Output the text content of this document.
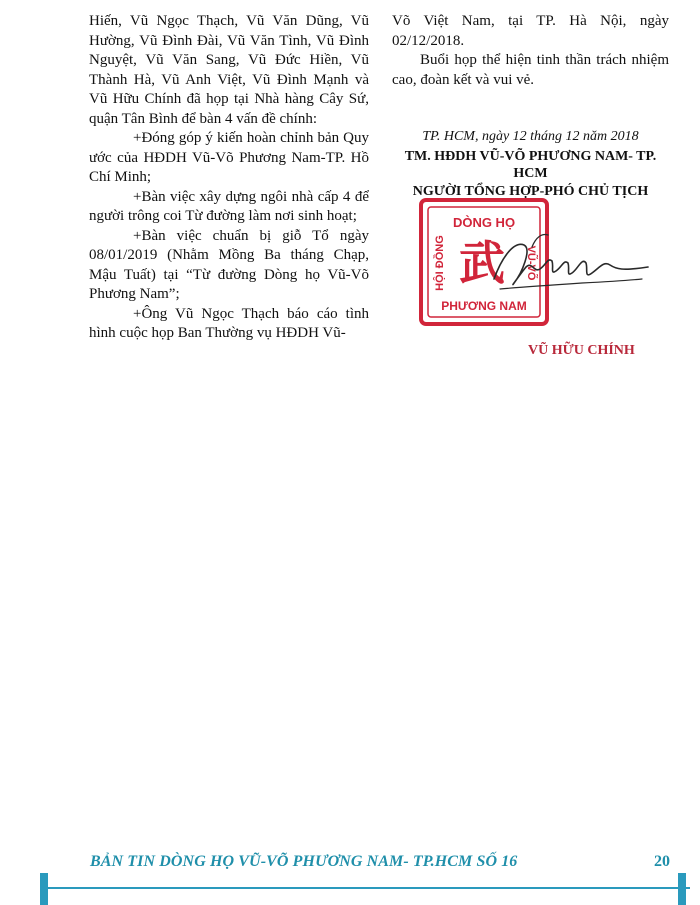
Hiến, Vũ Ngọc Thạch, Vũ Văn Dũng, Vũ Hường, Vũ Đình Đài, Vũ Văn Tình, Vũ Đình Nguyệt, Vũ Văn Sang, Vũ Đức Hiền, Vũ Thành Hà, Vũ Anh Việt, Vũ Đình Mạnh và Vũ Hữu Chính đã họp tại Nhà hàng Cây Sứ, quận Tân Bình để bàn 4 vấn đề chính:

+Đóng góp ý kiến hoàn chỉnh bản Quy ước của HĐDH Vũ-Võ Phương Nam-TP. Hồ Chí Minh;

+Bàn việc xây dựng ngôi nhà cấp 4 để người trông coi Từ đường làm nơi sinh hoạt;

+Bàn việc chuẩn bị giỗ Tổ ngày 08/01/2019 (Nhằm Mồng Ba tháng Chạp, Mậu Tuất) tại “Từ đường Dòng họ Vũ-Võ Phương Nam”;

+Ông Vũ Ngọc Thạch báo cáo tình hình cuộc họp Ban Thường vụ HĐDH Vũ-

Võ Việt Nam, tại TP. Hà Nội, ngày 02/12/2018.

Buổi họp thể hiện tinh thần trách nhiệm cao, đoàn kết và vui vẻ.

TP. HCM, ngày 12 tháng 12 năm 2018
TM. HĐDH VŨ-VÕ PHƯƠNG NAM- TP. HCM
NGƯỜI TỔNG HỢP-PHÓ CHỦ TỊCH
DÒNG HỌ
PHƯƠNG NAM
HỘI ĐỒNG	VŨ-VÕ
武
VŨ HỮU CHÍNH
BẢN TIN DÒNG HỌ VŨ-VÕ PHƯƠNG NAM- TP.HCM SỐ 16	20
